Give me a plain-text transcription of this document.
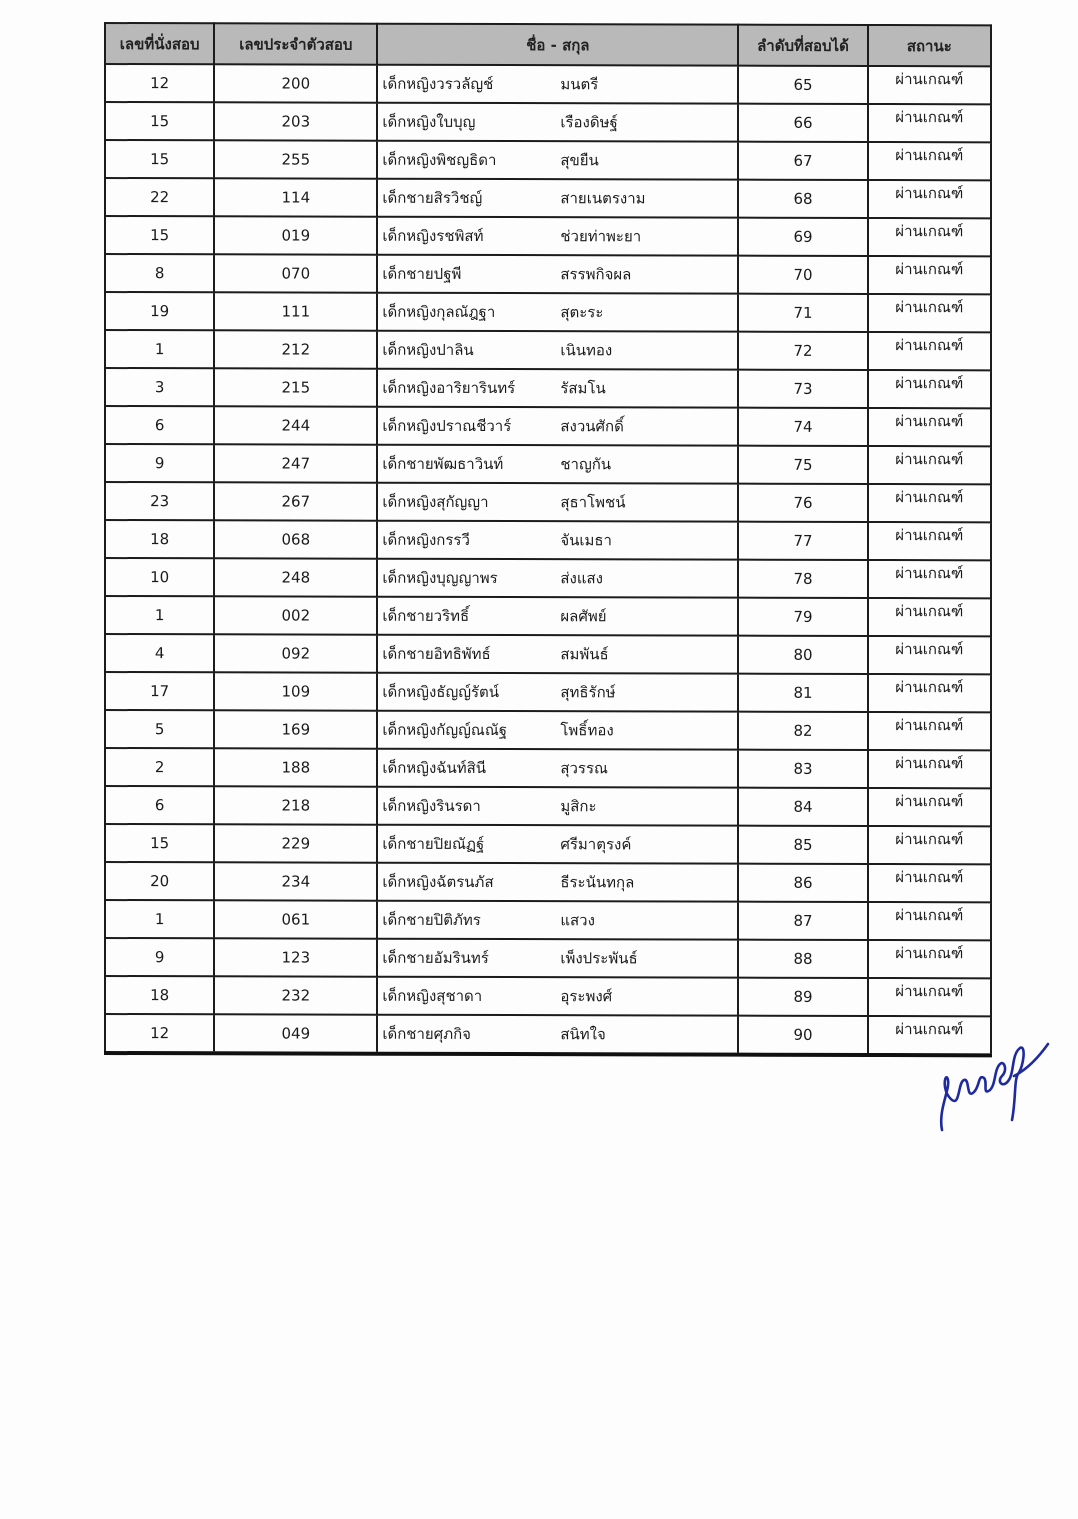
เลขที่นั่งสอบ	เลขประจำตัวสอบ	ชื่อ - สกุล	ลำดับที่สอบได้	สถานะ
12	200	เด็กหญิงวรวลัญช์ มนตรี	65	ผ่านเกณฑ์
15	203	เด็กหญิงใบบุญ เรืองดิษฐ์	66	ผ่านเกณฑ์
15	255	เด็กหญิงพิชญธิดา สุขยืน	67	ผ่านเกณฑ์
22	114	เด็กชายสิรวิชญ์ สายเนตรงาม	68	ผ่านเกณฑ์
15	019	เด็กหญิงรชพิสท์ ช่วยท่าพะยา	69	ผ่านเกณฑ์
8	070	เด็กชายปฐพี สรรพกิจผล	70	ผ่านเกณฑ์
19	111	เด็กหญิงกุลณัฎฐา สุตะระ	71	ผ่านเกณฑ์
1	212	เด็กหญิงปาลิน เนินทอง	72	ผ่านเกณฑ์
3	215	เด็กหญิงอาริยารินทร์ รัสมโน	73	ผ่านเกณฑ์
6	244	เด็กหญิงปราณชีวาร์ สงวนศักดิ์	74	ผ่านเกณฑ์
9	247	เด็กชายพัฒธาวินท์ ชาญกัน	75	ผ่านเกณฑ์
23	267	เด็กหญิงสุกัญญา สุธาโพชน์	76	ผ่านเกณฑ์
18	068	เด็กหญิงกรรวี จันเมธา	77	ผ่านเกณฑ์
10	248	เด็กหญิงบุญญาพร ส่งแสง	78	ผ่านเกณฑ์
1	002	เด็กชายวริทธิ์ ผลศัพย์	79	ผ่านเกณฑ์
4	092	เด็กชายอิทธิพัทธ์ สมพันธ์	80	ผ่านเกณฑ์
17	109	เด็กหญิงธัญญ์รัตน์ สุทธิรักษ์	81	ผ่านเกณฑ์
5	169	เด็กหญิงกัญญ์ณณัฐ โพธิ์ทอง	82	ผ่านเกณฑ์
2	188	เด็กหญิงฉันท์สินี สุวรรณ	83	ผ่านเกณฑ์
6	218	เด็กหญิงรินรดา มูสิกะ	84	ผ่านเกณฑ์
15	229	เด็กชายปิยณัฏฐ์ ศรีมาตุรงค์	85	ผ่านเกณฑ์
20	234	เด็กหญิงฉัตรนภัส ธีระนันทกุล	86	ผ่านเกณฑ์
1	061	เด็กชายปิติภัทร แสวง	87	ผ่านเกณฑ์
9	123	เด็กชายอัมรินทร์ เพ็งประพันธ์	88	ผ่านเกณฑ์
18	232	เด็กหญิงสุชาดา อุระพงศ์	89	ผ่านเกณฑ์
12	049	เด็กชายศุภกิจ สนิทใจ	90	ผ่านเกณฑ์
